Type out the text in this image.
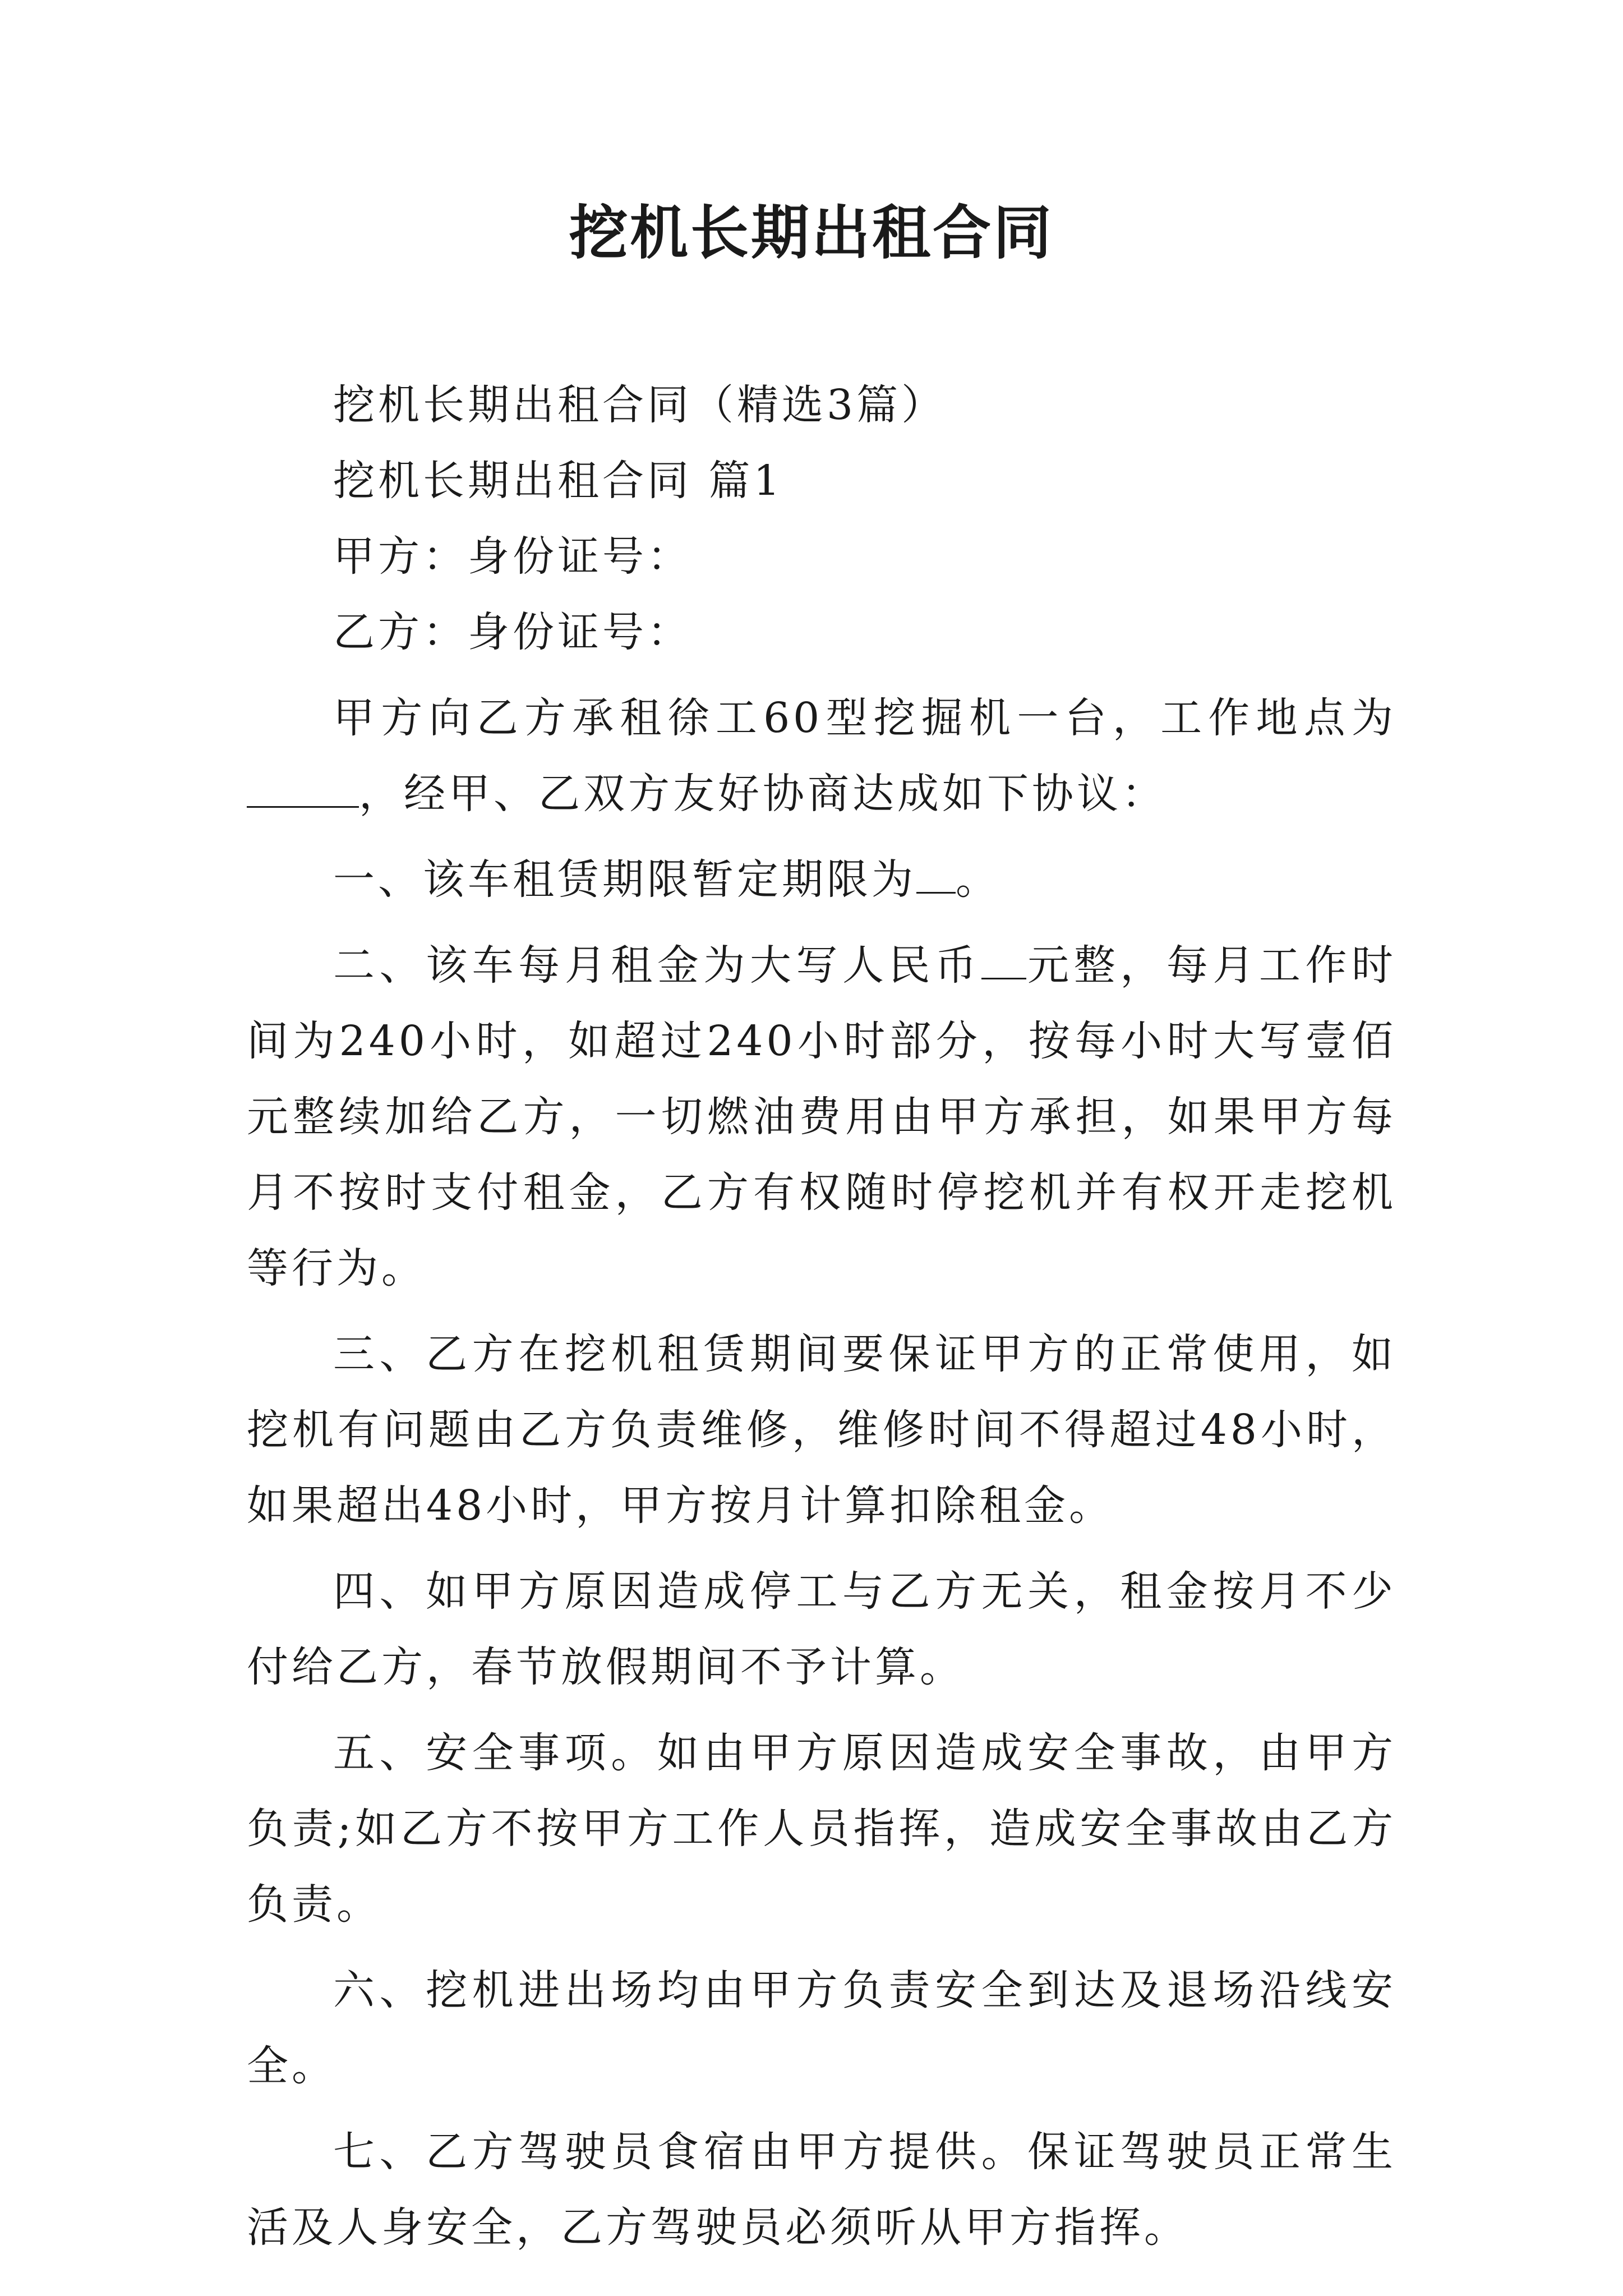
挖机长期出租合同

挖机长期出租合同（精选3篇）

挖机长期出租合同 篇1

甲方：身份证号：

乙方：身份证号：

甲方向乙方承租徐工60型挖掘机一台，工作地点为，经甲、乙双方友好协商达成如下协议：

一、该车租赁期限暂定期限为 。

二、该车每月租金为大写人民币 元整，每月工作时间为240小时，如超过240小时部分，按每小时大写壹佰元整续加给乙方，一切燃油费用由甲方承担，如果甲方每月不按时支付租金，乙方有权随时停挖机并有权开走挖机等行为。

三、乙方在挖机租赁期间要保证甲方的正常使用，如挖机有问题由乙方负责维修，维修时间不得超过48小时，如果超出48小时，甲方按月计算扣除租金。

四、如甲方原因造成停工与乙方无关，租金按月不少付给乙方，春节放假期间不予计算。

五、安全事项。如由甲方原因造成安全事故，由甲方负责;如乙方不按甲方工作人员指挥，造成安全事故由乙方负责。

六、挖机进出场均由甲方负责安全到达及退场沿线安全。

七、乙方驾驶员食宿由甲方提供。保证驾驶员正常生活及人身安全，乙方驾驶员必须听从甲方指挥。
